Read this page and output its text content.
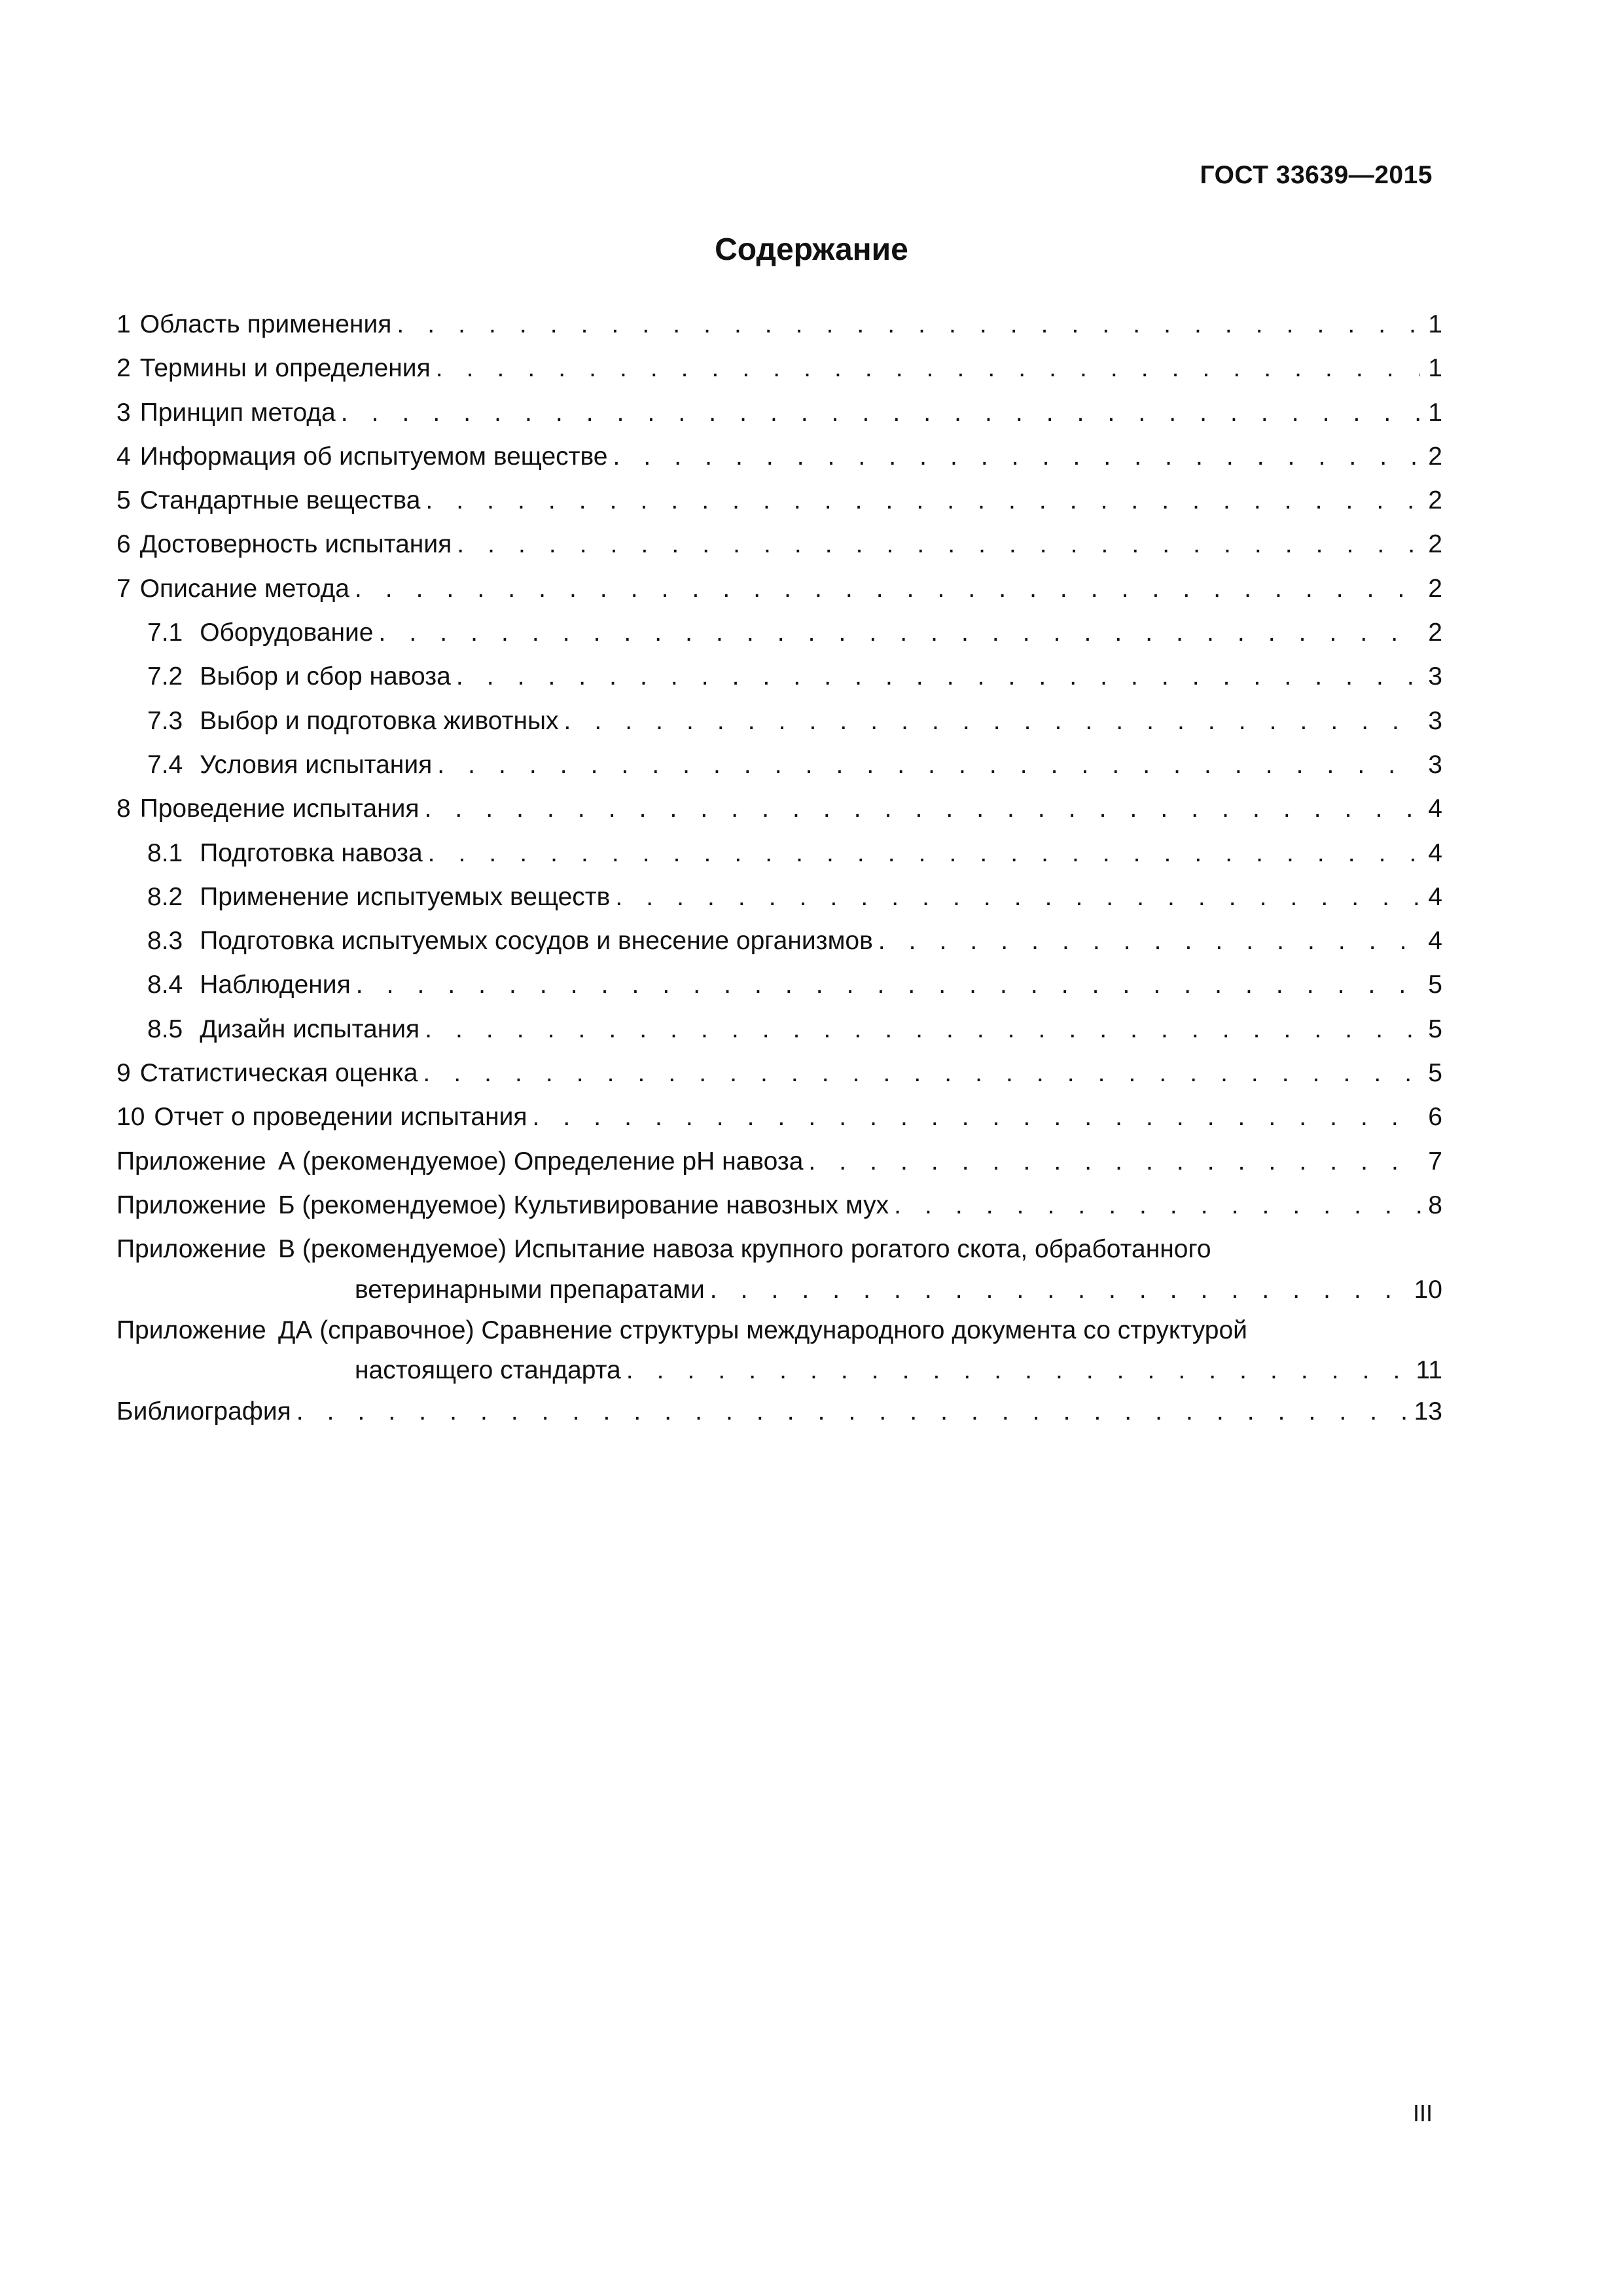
ГОСТ 33639—2015
Содержание
1 Область применения . . .	1
2 Термины и определения . . .	1
3 Принцип метода . . .	1
4 Информация об испытуемом веществе . . .	2
5 Стандартные вещества . . .	2
6 Достоверность испытания . . .	2
7 Описание метода . . .	2
7.1 Оборудование . . .	2
7.2 Выбор и сбор навоза . . .	3
7.3 Выбор и подготовка животных . . .	3
7.4 Условия испытания . . .	3
8 Проведение испытания . . .	4
8.1 Подготовка навоза . . .	4
8.2 Применение испытуемых веществ . . .	4
8.3 Подготовка испытуемых сосудов и внесение организмов . . .	4
8.4 Наблюдения . . .	5
8.5 Дизайн испытания . . .	5
9 Статистическая оценка . . .	5
10 Отчет о проведении испытания . . .	6
Приложение А (рекомендуемое) Определение pH навоза . . .	7
Приложение Б (рекомендуемое) Культивирование навозных мух . . .	8
Приложение В (рекомендуемое) Испытание навоза крупного рогатого скота, обработанного
ветеринарными препаратами . . .	10
Приложение ДА (справочное) Сравнение структуры международного документа со структурой
настоящего стандарта . . .	11
Библиография . . .	13
III
